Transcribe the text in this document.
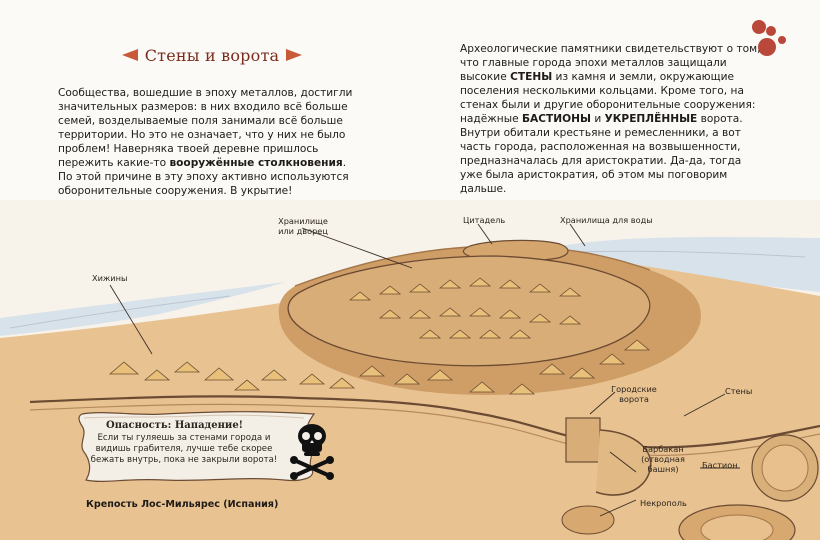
Стены и ворота

Сообщества, вошедшие в эпоху металлов, достигли значительных размеров: в них входило всё больше семей, возделываемые поля занимали всё больше территории. Но это не означает, что у них не было проблем! Наверняка твоей деревне пришлось пережить какие-то вооружённые столкновения. По этой причине в эту эпоху активно используются оборонительные сооружения. В укрытие!

Археологические памятники свидетельствуют о том, что главные города эпохи металлов защищали высокие СТЕНЫ из камня и земли, окружающие поселения несколькими кольцами. Кроме того, на стенах были и другие оборонительные сооружения: надёжные БАСТИОНЫ и УКРЕПЛЁННЫЕ ворота. Внутри обитали крестьяне и ремесленники, а вот часть города, расположенная на возвышенности, предназначалась для аристократии. Да-да, тогда уже была аристократия, об этом мы поговорим дальше.

Хранилище
или дворец
Цитадель	Хранилища для воды
Хижины
Городские
ворота
Стены
Барбакан
(отводная
башня)	Бастион
Некрополь
Опасность: Нападение!
Если ты гуляешь за стенами города и видишь грабителя, лучше тебе скорее бежать внутрь, пока не закрыли ворота!
Крепость Лос-Мильярес (Испания)
